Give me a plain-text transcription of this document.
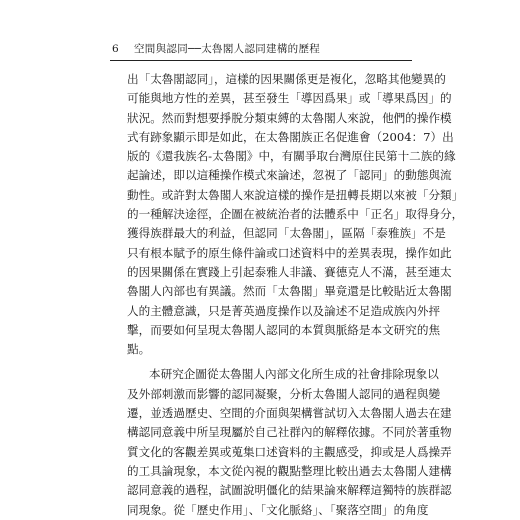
6 空間與認同──太魯閣人認同建構的歷程
出「太魯閣認同」，這樣的因果關係更是複化，忽略其他變異的
可能與地方性的差異，甚至發生「導因爲果」或「導果爲因」的
狀況。然而對想要掙脫分類束縛的太魯閣人來說，他們的操作模
式有跡象顯示即是如此，在太魯閣族正名促進會（2004：7）出
版的《還我族名-太魯閣》中，有關爭取台灣原住民第十二族的緣
起論述，即以這種操作模式來論述，忽視了「認同」的動態與流
動性。或許對太魯閣人來說這樣的操作是扭轉長期以來被「分類」
的一種解決途徑，企圖在被統治者的法體系中「正名」取得身分，
獲得族群最大的利益，但認同「太魯閣」，區隔「泰雅族」不是
只有根本賦予的原生條件論或口述資料中的差異表現，操作如此
的因果關係在實踐上引起泰雅人非議、賽德克人不滿，甚至連太
魯閣人內部也有異議。然而「太魯閣」畢竟還是比較貼近太魯閣
人的主體意識，只是菁英過度操作以及論述不足造成族內外抨
擊，而要如何呈現太魯閣人認同的本質與脈絡是本文研究的焦
點。
本研究企圖從太魯閣人內部文化所生成的社會排除現象以
及外部刺激而影響的認同凝聚，分析太魯閣人認同的過程與變
遷，並透過歷史、空間的介面與架構嘗試切入太魯閣人過去在建
構認同意義中所呈現屬於自己社群內的解釋依據。不同於著重物
質文化的客觀差異或蒐集口述資料的主觀感受，抑或是人爲操弄
的工具論現象，本文從內視的觀點整理比較出過去太魯閣人建構
認同意義的過程，試圖說明僵化的結果論來解釋這獨特的族群認
同現象。從「歷史作用」、「文化脈絡」、「聚落空間」的角度
